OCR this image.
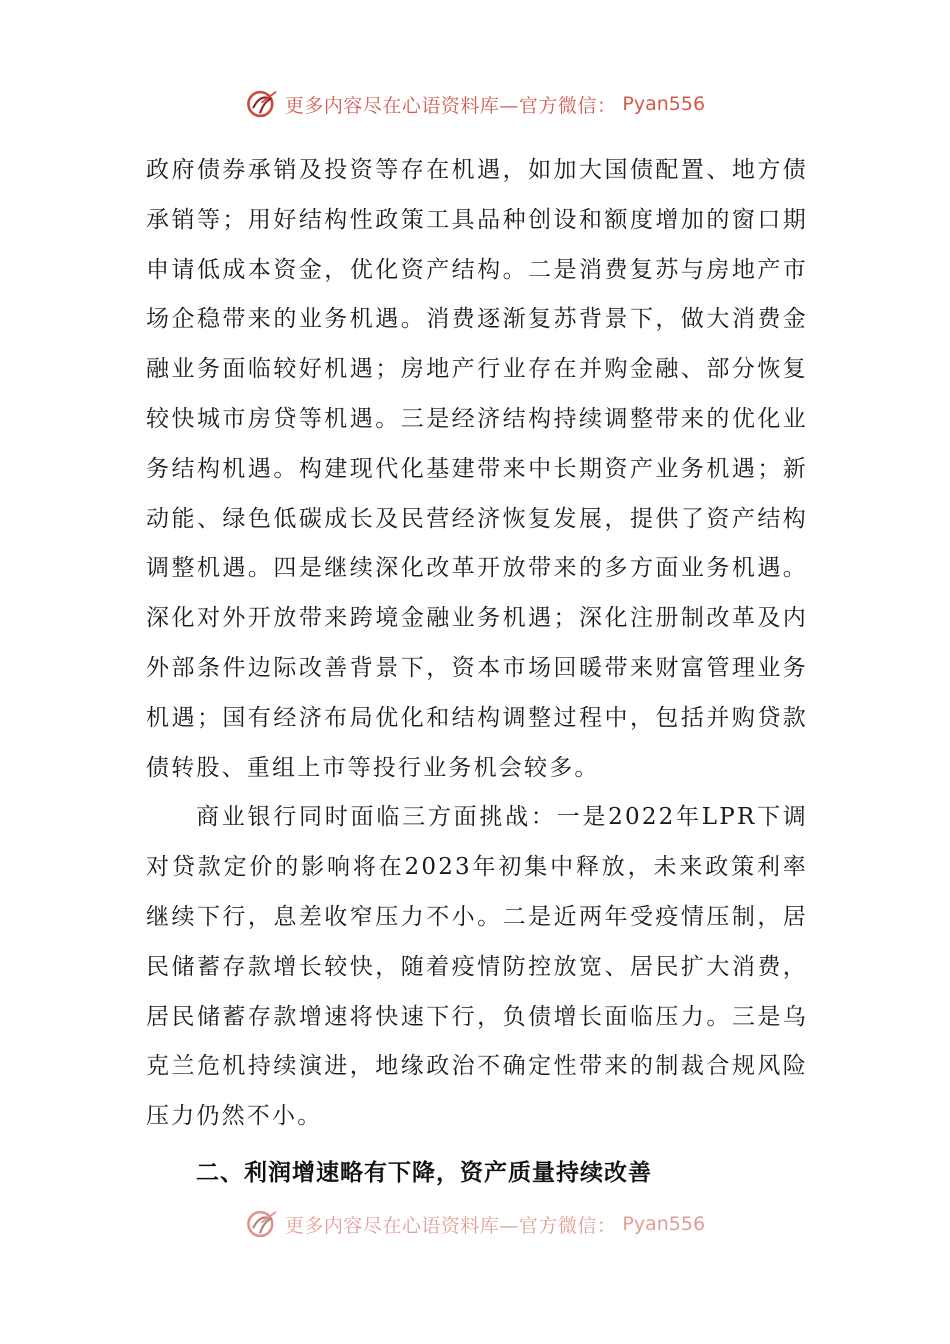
更多内容尽在心语资料库—官方微信： Pyan556

政府债券承销及投资等存在机遇，如加大国债配置、地方债承销等；用好结构性政策工具品种创设和额度增加的窗口期申请低成本资金，优化资产结构。二是消费复苏与房地产市场企稳带来的业务机遇。消费逐渐复苏背景下，做大消费金融业务面临较好机遇；房地产行业存在并购金融、部分恢复较快城市房贷等机遇。三是经济结构持续调整带来的优化业务结构机遇。构建现代化基建带来中长期资产业务机遇；新动能、绿色低碳成长及民营经济恢复发展，提供了资产结构调整机遇。四是继续深化改革开放带来的多方面业务机遇。深化对外开放带来跨境金融业务机遇；深化注册制改革及内外部条件边际改善背景下，资本市场回暖带来财富管理业务机遇；国有经济布局优化和结构调整过程中，包括并购贷款债转股、重组上市等投行业务机会较多。

商业银行同时面临三方面挑战：一是2022年LPR下调对贷款定价的影响将在2023年初集中释放，未来政策利率继续下行，息差收窄压力不小。二是近两年受疫情压制，居民储蓄存款增长较快，随着疫情防控放宽、居民扩大消费，居民储蓄存款增速将快速下行，负债增长面临压力。三是乌克兰危机持续演进，地缘政治不确定性带来的制裁合规风险压力仍然不小。

二、利润增速略有下降，资产质量持续改善
更多内容尽在心语资料库—官方微信： Pyan556
